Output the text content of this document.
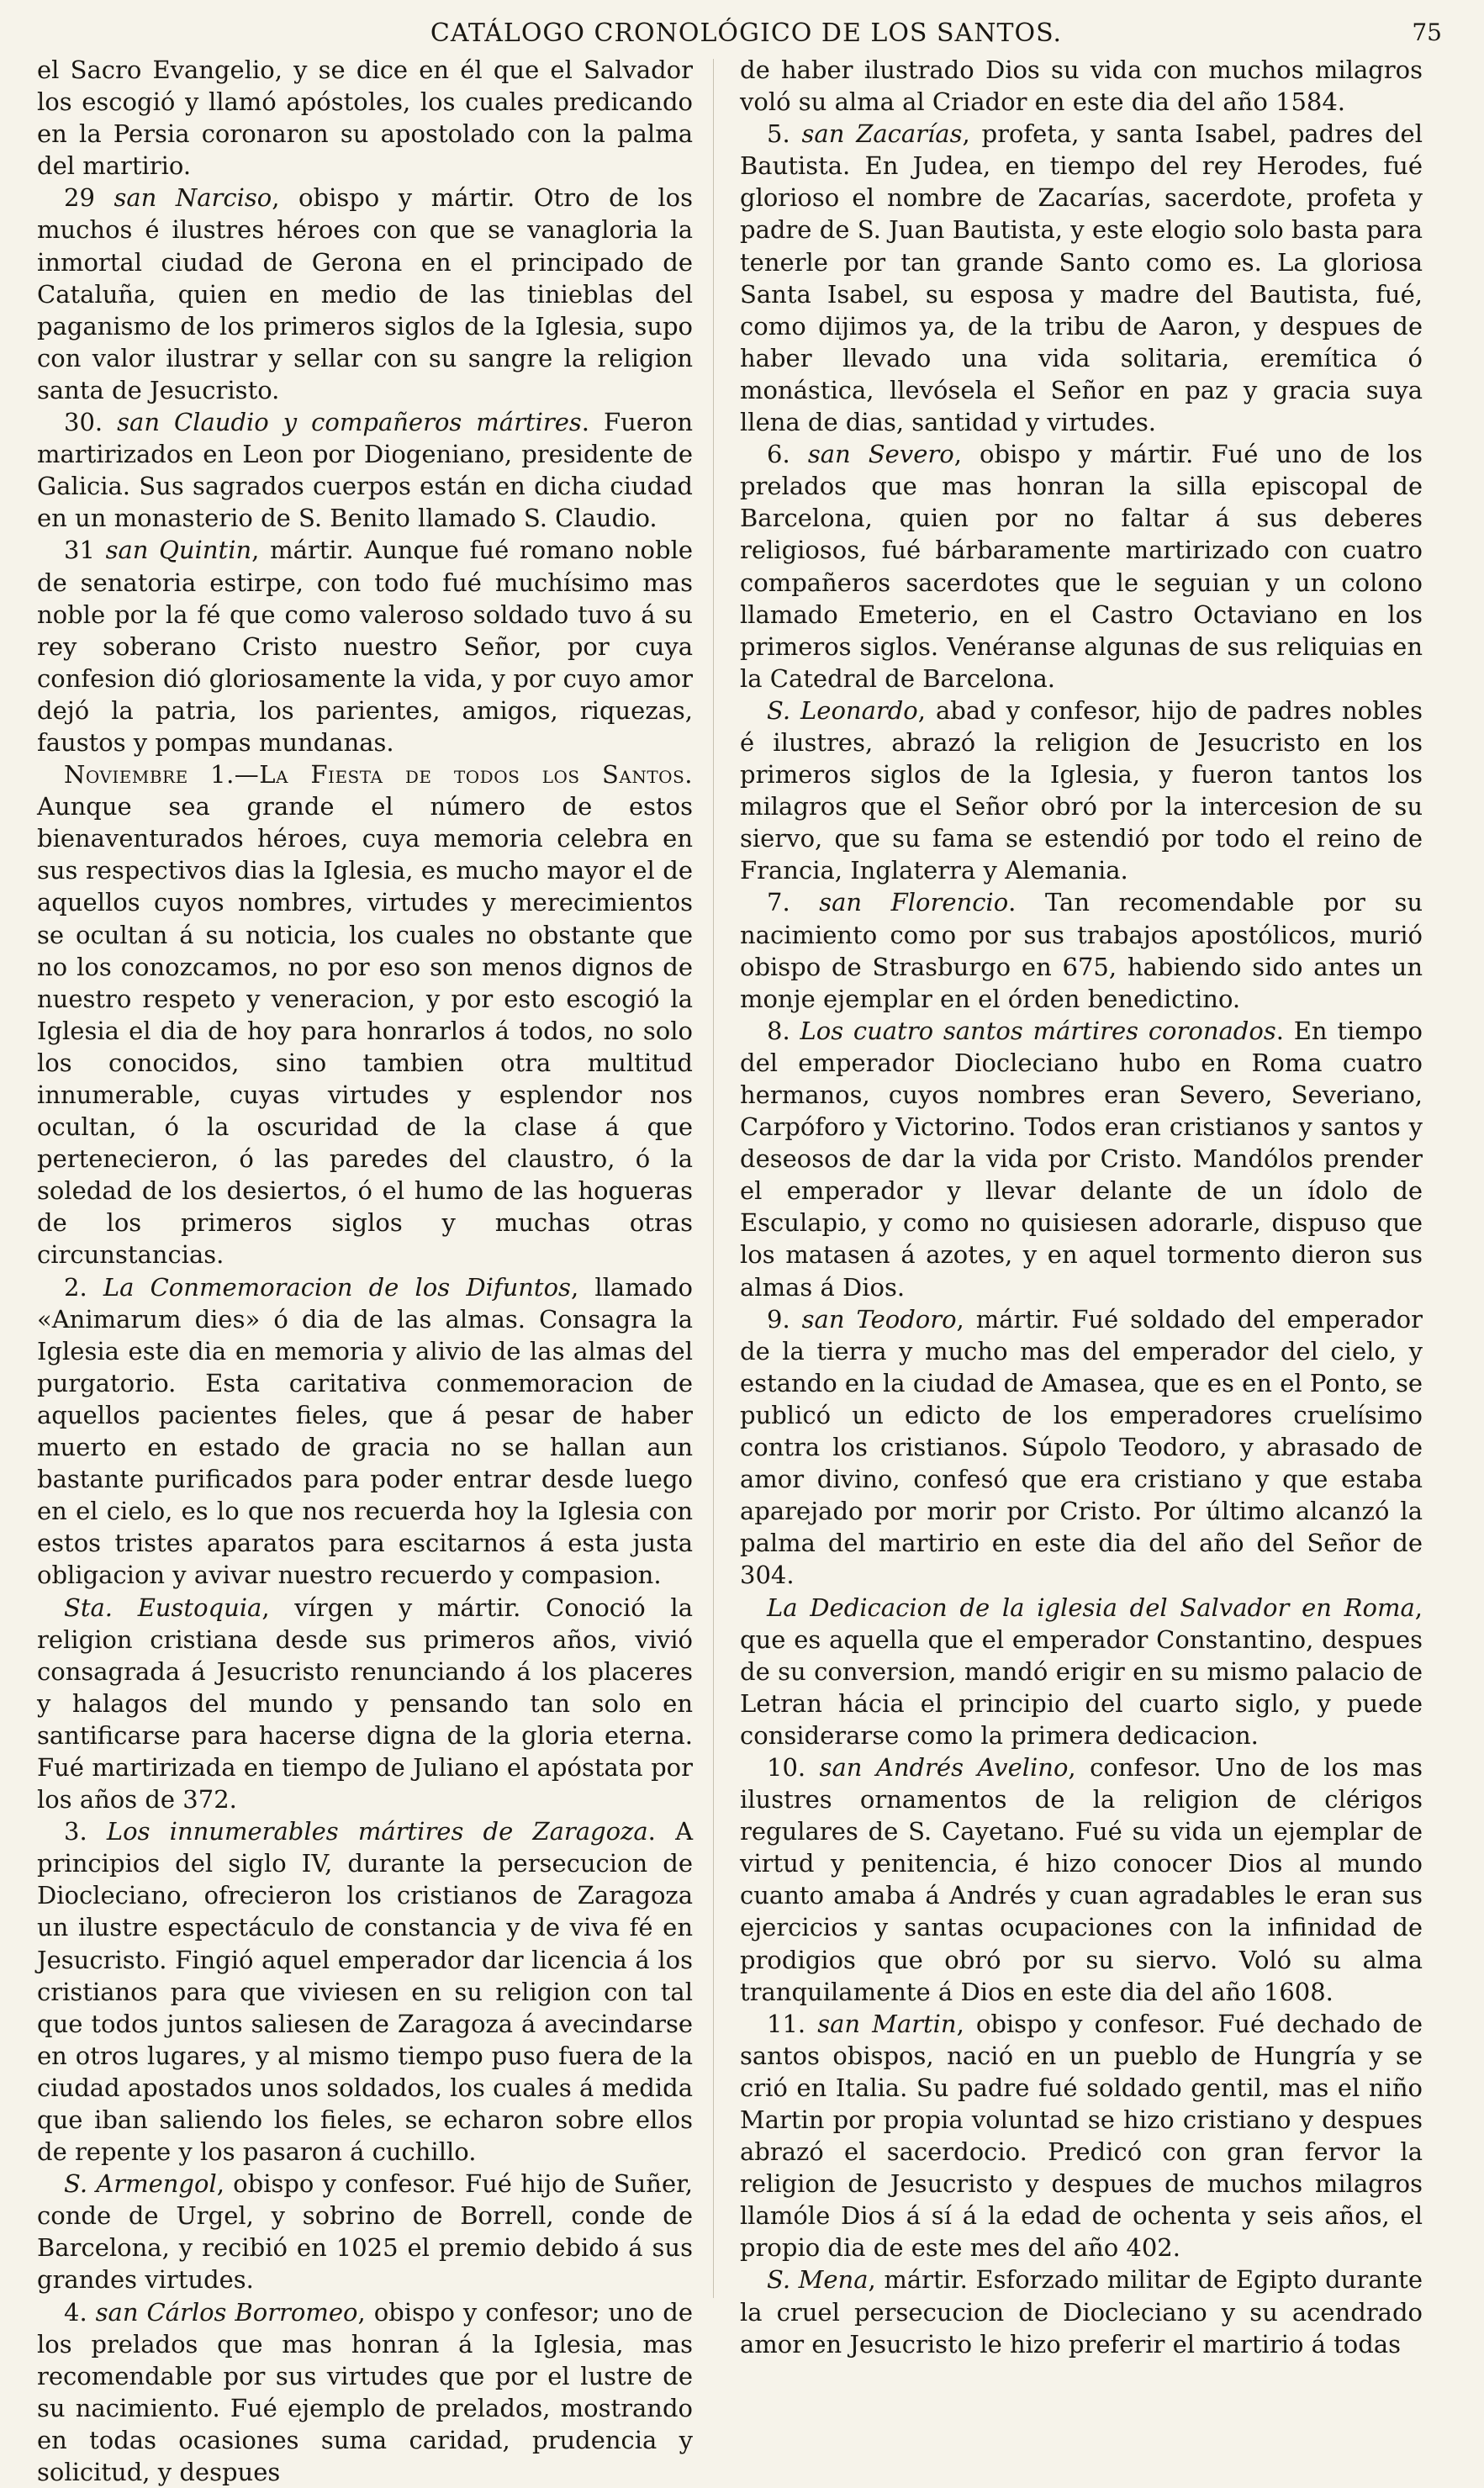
CATÁLOGO CRONOLÓGICO DE LOS SANTOS.	75

el Sacro Evangelio, y se dice en él que el Salvador los escogió y llamó apóstoles, los cuales predicando en la Persia coronaron su apostolado con la palma del martirio.

29 san Narciso, obispo y mártir. Otro de los muchos é ilustres héroes con que se vanagloria la inmortal ciudad de Gerona en el principado de Cataluña, quien en medio de las tinieblas del paganismo de los primeros siglos de la Iglesia, supo con valor ilustrar y sellar con su sangre la religion santa de Jesucristo.

30. san Claudio y compañeros mártires. Fueron martirizados en Leon por Diogeniano, presidente de Galicia. Sus sagrados cuerpos están en dicha ciudad en un monasterio de S. Benito llamado S. Claudio.

31 san Quintin, mártir. Aunque fué romano noble de senatoria estirpe, con todo fué muchísimo mas noble por la fé que como valeroso soldado tuvo á su rey soberano Cristo nuestro Señor, por cuya confesion dió gloriosamente la vida, y por cuyo amor dejó la patria, los parientes, amigos, riquezas, faustos y pompas mundanas.

Noviembre 1.—La Fiesta de todos los Santos. Aunque sea grande el número de estos bienaventurados héroes, cuya memoria celebra en sus respectivos dias la Iglesia, es mucho mayor el de aquellos cuyos nombres, virtudes y merecimientos se ocultan á su noticia, los cuales no obstante que no los conozcamos, no por eso son menos dignos de nuestro respeto y veneracion, y por esto escogió la Iglesia el dia de hoy para honrarlos á todos, no solo los conocidos, sino tambien otra multitud innumerable, cuyas virtudes y esplendor nos ocultan, ó la oscuridad de la clase á que pertenecieron, ó las paredes del claustro, ó la soledad de los desiertos, ó el humo de las hogueras de los primeros siglos y muchas otras circunstancias.

2. La Conmemoracion de los Difuntos, llamado «Animarum dies» ó dia de las almas. Consagra la Iglesia este dia en memoria y alivio de las almas del purgatorio. Esta caritativa conmemoracion de aquellos pacientes fieles, que á pesar de haber muerto en estado de gracia no se hallan aun bastante purificados para poder entrar desde luego en el cielo, es lo que nos recuerda hoy la Iglesia con estos tristes aparatos para escitarnos á esta justa obligacion y avivar nuestro recuerdo y compasion.

Sta. Eustoquia, vírgen y mártir. Conoció la religion cristiana desde sus primeros años, vivió consagrada á Jesucristo renunciando á los placeres y halagos del mundo y pensando tan solo en santificarse para hacerse digna de la gloria eterna. Fué martirizada en tiempo de Juliano el apóstata por los años de 372.

3. Los innumerables mártires de Zaragoza. A principios del siglo IV, durante la persecucion de Diocleciano, ofrecieron los cristianos de Zaragoza un ilustre espectáculo de constancia y de viva fé en Jesucristo. Fingió aquel emperador dar licencia á los cristianos para que viviesen en su religion con tal que todos juntos saliesen de Zaragoza á avecindarse en otros lugares, y al mismo tiempo puso fuera de la ciudad apostados unos soldados, los cuales á medida que iban saliendo los fieles, se echaron sobre ellos de repente y los pasaron á cuchillo.

S. Armengol, obispo y confesor. Fué hijo de Suñer, conde de Urgel, y sobrino de Borrell, conde de Barcelona, y recibió en 1025 el premio debido á sus grandes virtudes.

4. san Cárlos Borromeo, obispo y confesor; uno de los prelados que mas honran á la Iglesia, mas recomendable por sus virtudes que por el lustre de su nacimiento. Fué ejemplo de prelados, mostrando en todas ocasiones suma caridad, prudencia y solicitud, y despues

de haber ilustrado Dios su vida con muchos milagros voló su alma al Criador en este dia del año 1584.

5. san Zacarías, profeta, y santa Isabel, padres del Bautista. En Judea, en tiempo del rey Herodes, fué glorioso el nombre de Zacarías, sacerdote, profeta y padre de S. Juan Bautista, y este elogio solo basta para tenerle por tan grande Santo como es. La gloriosa Santa Isabel, su esposa y madre del Bautista, fué, como dijimos ya, de la tribu de Aaron, y despues de haber llevado una vida solitaria, eremítica ó monástica, llevósela el Señor en paz y gracia suya llena de dias, santidad y virtudes.

6. san Severo, obispo y mártir. Fué uno de los prelados que mas honran la silla episcopal de Barcelona, quien por no faltar á sus deberes religiosos, fué bárbaramente martirizado con cuatro compañeros sacerdotes que le seguian y un colono llamado Emeterio, en el Castro Octaviano en los primeros siglos. Venéranse algunas de sus reliquias en la Catedral de Barcelona.

S. Leonardo, abad y confesor, hijo de padres nobles é ilustres, abrazó la religion de Jesucristo en los primeros siglos de la Iglesia, y fueron tantos los milagros que el Señor obró por la intercesion de su siervo, que su fama se estendió por todo el reino de Francia, Inglaterra y Alemania.

7. san Florencio. Tan recomendable por su nacimiento como por sus trabajos apostólicos, murió obispo de Strasburgo en 675, habiendo sido antes un monje ejemplar en el órden benedictino.

8. Los cuatro santos mártires coronados. En tiempo del emperador Diocleciano hubo en Roma cuatro hermanos, cuyos nombres eran Severo, Severiano, Carpóforo y Victorino. Todos eran cristianos y santos y deseosos de dar la vida por Cristo. Mandólos prender el emperador y llevar delante de un ídolo de Esculapio, y como no quisiesen adorarle, dispuso que los matasen á azotes, y en aquel tormento dieron sus almas á Dios.

9. san Teodoro, mártir. Fué soldado del emperador de la tierra y mucho mas del emperador del cielo, y estando en la ciudad de Amasea, que es en el Ponto, se publicó un edicto de los emperadores cruelísimo contra los cristianos. Súpolo Teodoro, y abrasado de amor divino, confesó que era cristiano y que estaba aparejado por morir por Cristo. Por último alcanzó la palma del martirio en este dia del año del Señor de 304.

La Dedicacion de la iglesia del Salvador en Roma, que es aquella que el emperador Constantino, despues de su conversion, mandó erigir en su mismo palacio de Letran hácia el principio del cuarto siglo, y puede considerarse como la primera dedicacion.

10. san Andrés Avelino, confesor. Uno de los mas ilustres ornamentos de la religion de clérigos regulares de S. Cayetano. Fué su vida un ejemplar de virtud y penitencia, é hizo conocer Dios al mundo cuanto amaba á Andrés y cuan agradables le eran sus ejercicios y santas ocupaciones con la infinidad de prodigios que obró por su siervo. Voló su alma tranquilamente á Dios en este dia del año 1608.

11. san Martin, obispo y confesor. Fué dechado de santos obispos, nació en un pueblo de Hungría y se crió en Italia. Su padre fué soldado gentil, mas el niño Martin por propia voluntad se hizo cristiano y despues abrazó el sacerdocio. Predicó con gran fervor la religion de Jesucristo y despues de muchos milagros llamóle Dios á sí á la edad de ochenta y seis años, el propio dia de este mes del año 402.

S. Mena, mártir. Esforzado militar de Egipto durante la cruel persecucion de Diocleciano y su acendrado amor en Jesucristo le hizo preferir el martirio á todas
